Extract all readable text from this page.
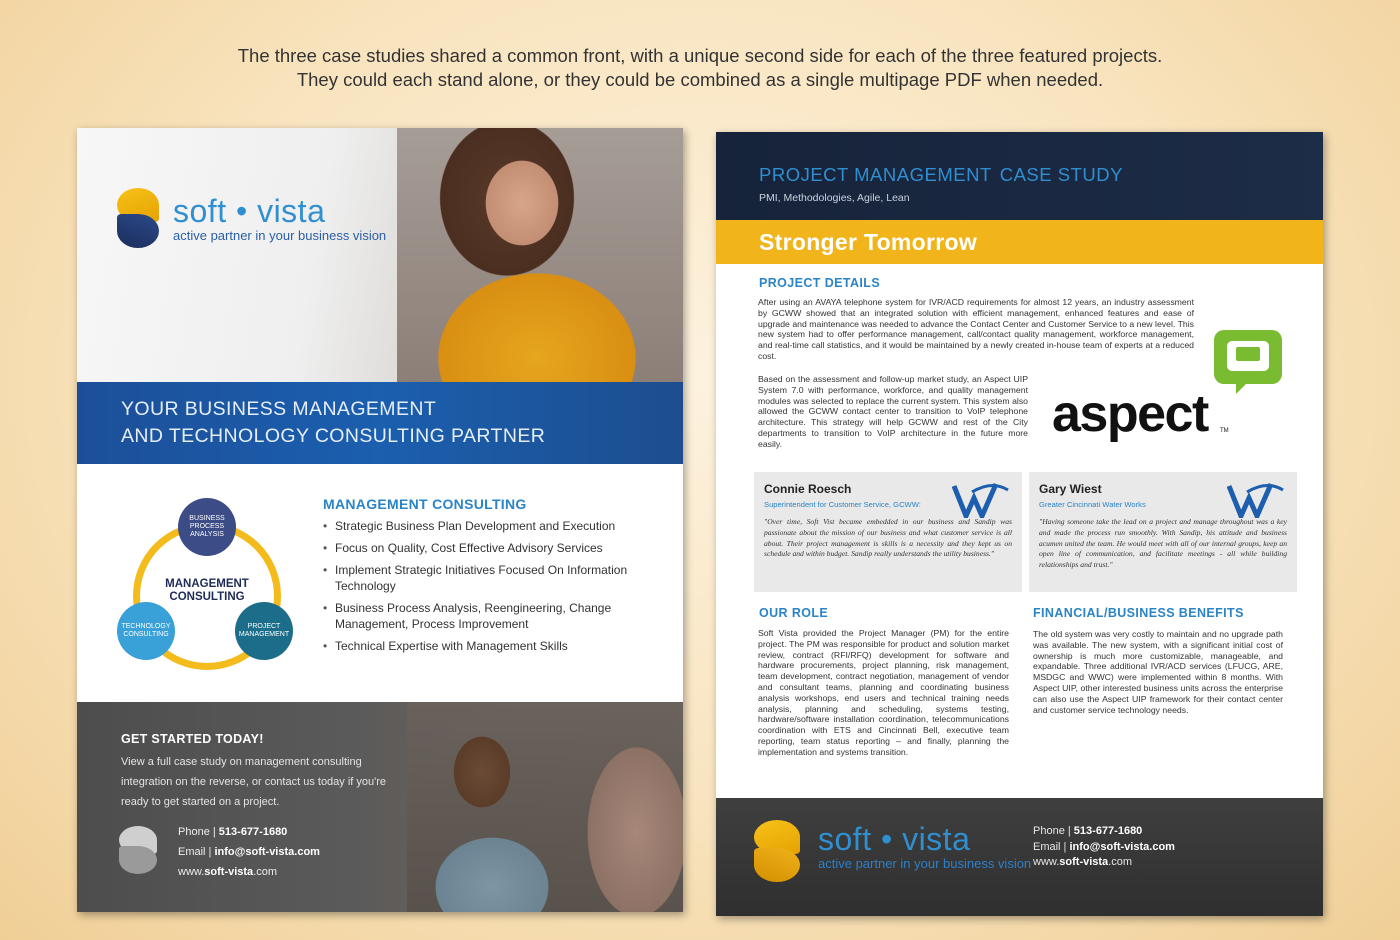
The three case studies shared a common front, with a unique second side for each of the three featured projects.
They could each stand alone, or they could be combined as a single multipage PDF when needed.
soft • vista
active partner in your business vision
YOUR BUSINESS MANAGEMENT
AND TECHNOLOGY CONSULTING PARTNER
BUSINESS PROCESS ANALYSIS
TECHNOLOGY CONSULTING
PROJECT MANAGEMENT
MANAGEMENT CONSULTING
MANAGEMENT CONSULTING
• Strategic Business Plan Development and Execution
• Focus on Quality, Cost Effective Advisory Services
• Implement Strategic Initiatives Focused On Information Technology
• Business Process Analysis, Reengineering, Change Management, Process Improvement
• Technical Expertise with Management Skills
GET STARTED TODAY!
View a full case study on management consulting integration on the reverse, or contact us today if you're ready to get started on a project.
Phone | 513-677-1680
Email | info@soft-vista.com
www.soft-vista.com
PROJECT MANAGEMENT CASE STUDY
PMI, Methodologies, Agile, Lean
Stronger Tomorrow
PROJECT DETAILS
After using an AVAYA telephone system for IVR/ACD requirements for almost 12 years, an industry assessment by GCWW showed that an integrated solution with efficient management, enhanced features and ease of upgrade and maintenance was needed to advance the Contact Center and Customer Service to a new level. This new system had to offer performance management, call/contact quality management, workforce management, and real-time call statistics, and it would be maintained by a newly created in-house team of experts at a reduced cost.
Based on the assessment and follow-up market study, an Aspect UIP System 7.0 with performance, workforce, and quality management modules was selected to replace the current system. This system also allowed the GCWW contact center to transition to VoIP telephone architecture. This strategy will help GCWW and rest of the City departments to transition to VoIP architecture in the future more easily.
aspect TM
Connie Roesch
Superintendent for Customer Service, GCWW:
"Over time, Soft Vist became embedded in our business and Sandip was passionate about the mission of our business and what customer service is all about. Their project management is skills is a necessity and they kept us on schedule and within budget. Sandip really understands the utility business."
Gary Wiest
Greater Cincinnati Water Works
"Having someone take the lead on a project and manage throughout was a key and made the process run smoothly. With Sandip, his attitude and business acumen united the team. He would meet with all of our internal groups, keep an open line of communication, and facilitate meetings - all while building relationships and trust."
OUR ROLE
Soft Vista provided the Project Manager (PM) for the entire project. The PM was responsible for product and solution market review, contract (RFI/RFQ) development for software and hardware procurements, project planning, risk management, team development, contract negotiation, management of vendor and consultant teams, planning and coordinating business analysis workshops, end users and technical training needs analysis, planning and scheduling, systems testing, hardware/software installation coordination, telecommunications coordination with ETS and Cincinnati Bell, executive team reporting, team status reporting – and finally, planning the implementation and systems transition.
FINANCIAL/BUSINESS BENEFITS
The old system was very costly to maintain and no upgrade path was available. The new system, with a significant initial cost of ownership is much more customizable, manageable, and expandable. Three additional IVR/ACD services (LFUCG, ARE, MSDGC and WWC) were implemented within 8 months. With Aspect UIP, other interested business units across the enterprise can also use the Aspect UIP framework for their contact center and customer service technology needs.
soft • vista
active partner in your business vision
Phone | 513-677-1680
Email | info@soft-vista.com
www.soft-vista.com
